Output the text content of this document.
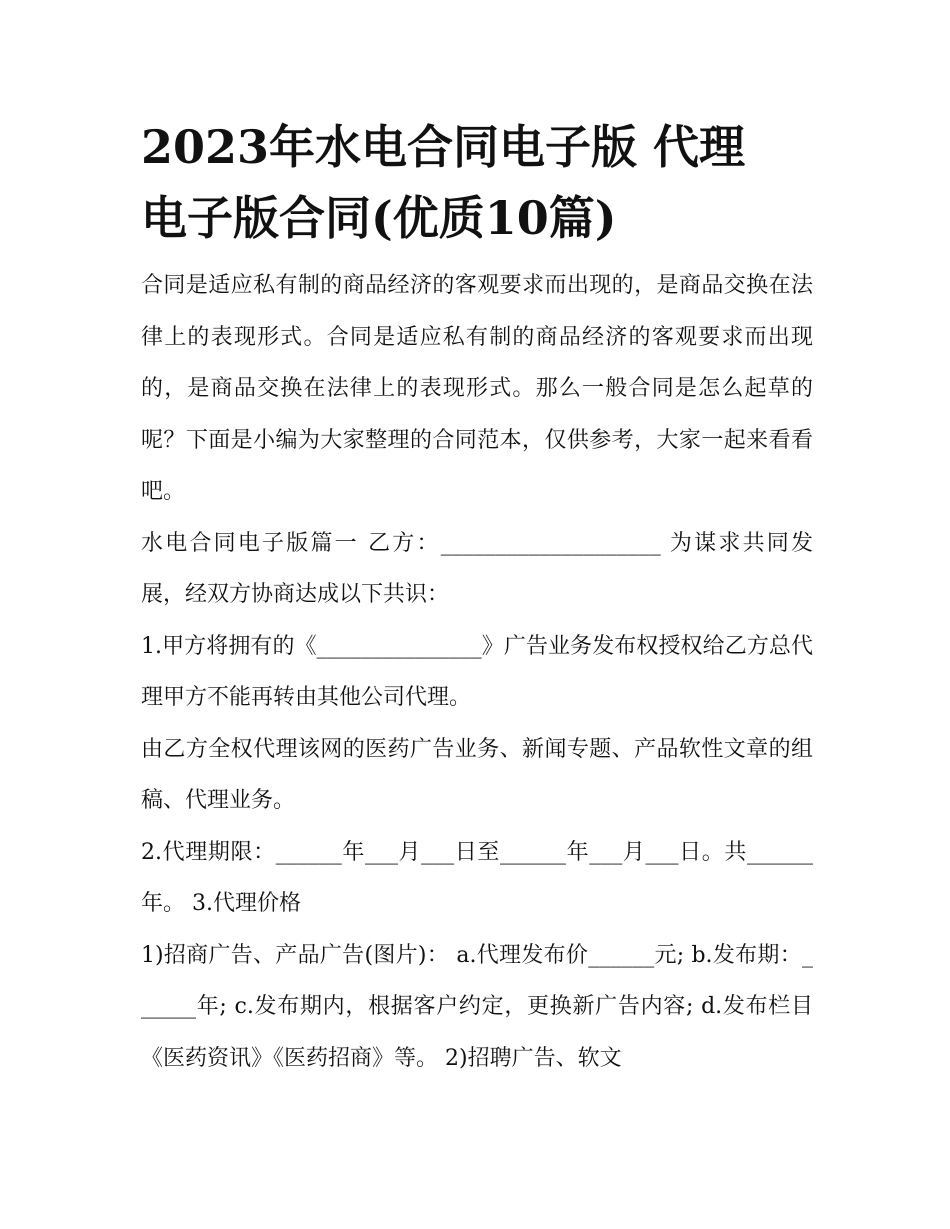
2023年水电合同电子版 代理
电子版合同(优质10篇)

合同是适应私有制的商品经济的客观要求而出现的，是商品交换在法律上的表现形式。合同是适应私有制的商品经济的客观要求而出现的，是商品交换在法律上的表现形式。那么一般合同是怎么起草的呢？下面是小编为大家整理的合同范本，仅供参考，大家一起来看看吧。

水电合同电子版篇一 乙方：____________________ 为谋求共同发展，经双方协商达成以下共识：

1.甲方将拥有的《_______________》广告业务发布权授权给乙方总代理甲方不能再转由其他公司代理。

由乙方全权代理该网的医药广告业务、新闻专题、产品软性文章的组稿、代理业务。

2.代理期限：______年___月___日至______年___月___日。共______年。 3.代理价格

1)招商广告、产品广告(图片)： a.代理发布价______元; b.发布期：______年; c.发布期内，根据客户约定，更换新广告内容; d.发布栏目《医药资讯》《医药招商》等。 2)招聘广告、软文
